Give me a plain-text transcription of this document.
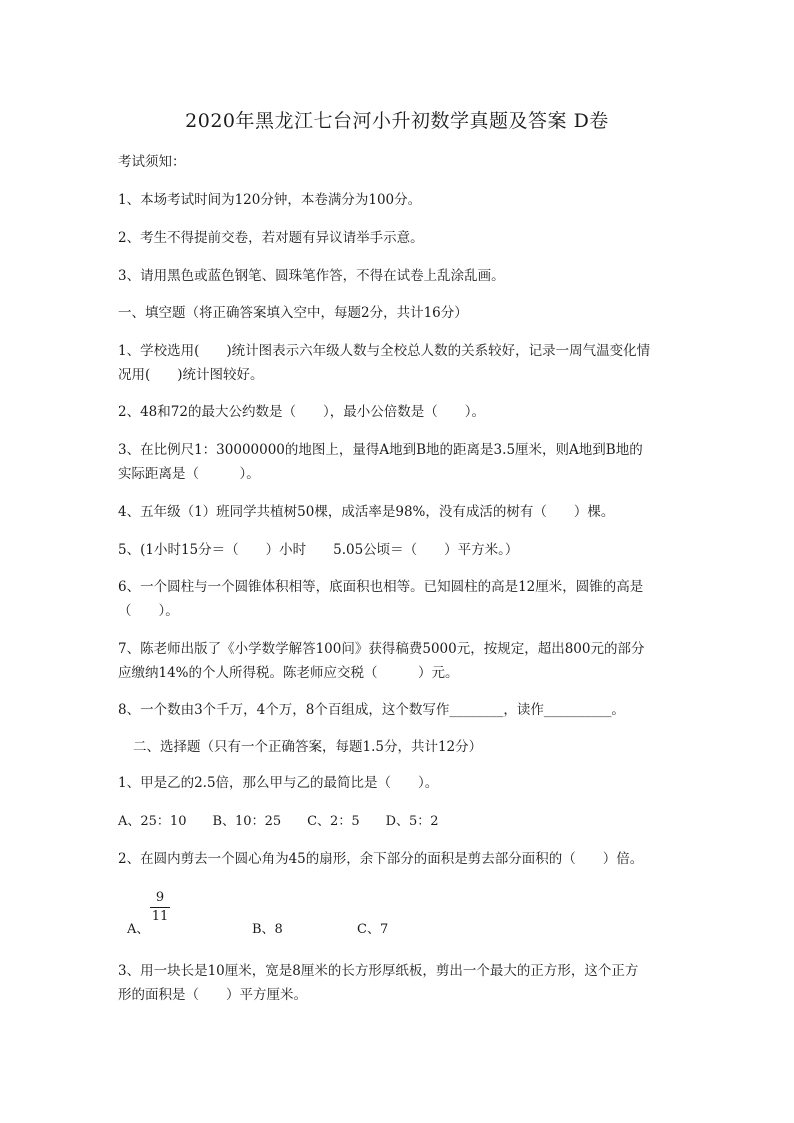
2020年黑龙江七台河小升初数学真题及答案 D卷
考试须知：
1、本场考试时间为120分钟，本卷满分为100分。
2、考生不得提前交卷，若对题有异议请举手示意。
3、请用黑色或蓝色钢笔、圆珠笔作答，不得在试卷上乱涂乱画。
一、填空题（将正确答案填入空中，每题2分，共计16分）
1、学校选用(　　)统计图表示六年级人数与全校总人数的关系较好，记录一周气温变化情
况用(　　)统计图较好。
2、48和72的最大公约数是（　　），最小公倍数是（　　）。
3、在比例尺1：30000000的地图上，量得A地到B地的距离是3.5厘米，则A地到B地的
实际距离是（　　　）。
4、五年级（1）班同学共植树50棵，成活率是98%，没有成活的树有（　　）棵。
5、(1小时15分＝（　　）小时　　5.05公顷＝（　　）平方米。）
6、一个圆柱与一个圆锥体积相等，底面积也相等。已知圆柱的高是12厘米，圆锥的高是
（　　）。
7、陈老师出版了《小学数学解答100问》获得稿费5000元，按规定，超出800元的部分
应缴纳14%的个人所得税。陈老师应交税（　　　）元。
8、一个数由3个千万，4个万，8个百组成，这个数写作________，读作__________。
二、选择题（只有一个正确答案，每题1.5分，共计12分）
1、甲是乙的2.5倍，那么甲与乙的最简比是（　　）。
A、25：10　　B、10：25　　C、2：5　　D、5：2
2、在圆内剪去一个圆心角为45的扇形，余下部分的面积是剪去部分面积的（　　）倍。
A、
9
11
B、8	C、7
3、用一块长是10厘米，宽是8厘米的长方形厚纸板，剪出一个最大的正方形，这个正方
形的面积是（　　）平方厘米。
